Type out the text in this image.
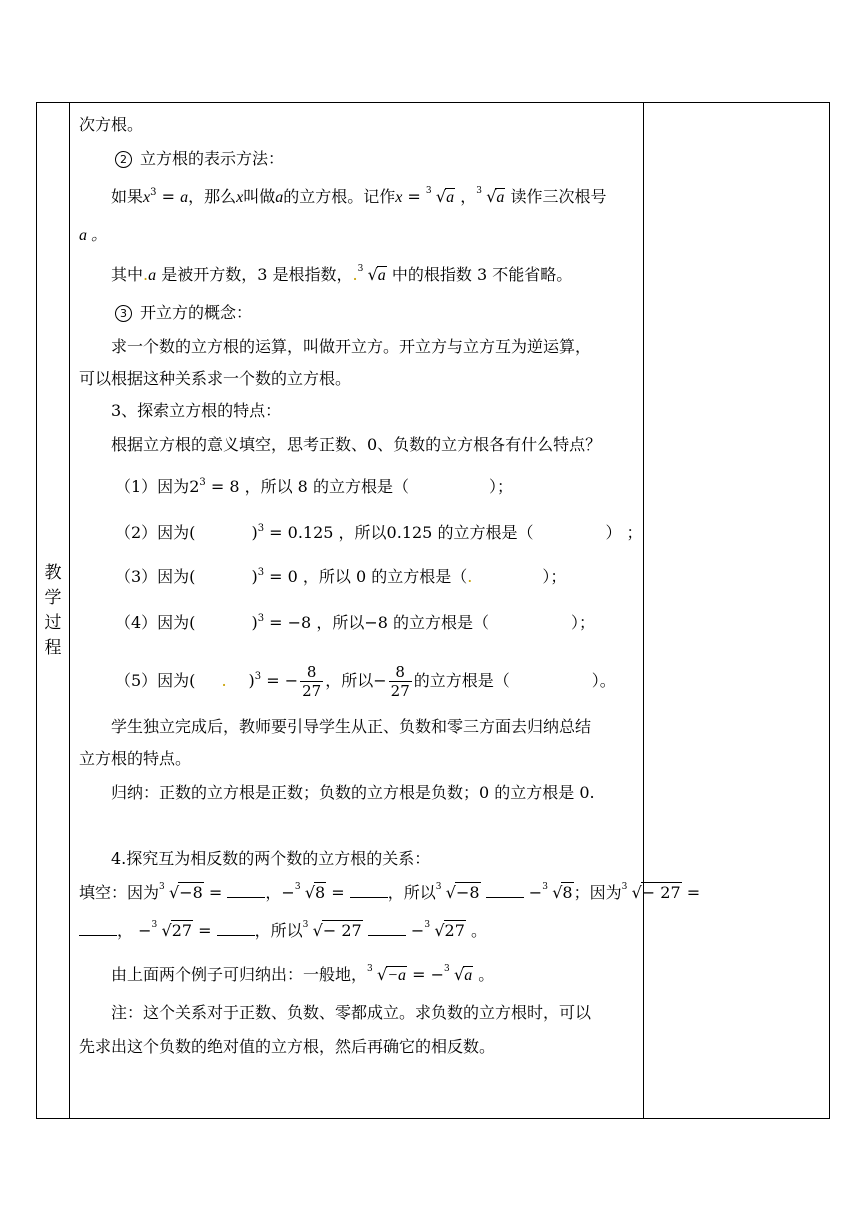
教
学
过
程
次方根。
2 立方根的表示方法：
如果$x^3 = a$，那么x叫做a的立方根。记作x = 3 √a ， 3 √a 读作三次根号
a 。
其中.a 是被开方数，3 是根指数，. 3 √a 中的根指数 3 不能省略。
3 开立方的概念：
求一个数的立方根的运算，叫做开立方。开立方与立方互为逆运算，
可以根据这种关系求一个数的立方根。
3、探索立方根的特点：
根据立方根的意义填空，思考正数、0、负数的立方根各有什么特点？
（1）因为$2^3 = 8$ ，所以 8 的立方根是（	）；
（2）因为(	)$^3$ = 0.125 ，所以0.125 的立方根是（	） ；
（3）因为(	)$^3$ = 0 ，所以 0 的立方根是（.	）；
（4）因为(	)$^3$ = −8 ，所以−8 的立方根是（	）；
（5）因为( . )$^3$ = − $\frac{8}{27}$ ，所以− $\frac{8}{27}$ 的立方根是（	）。
学生独立完成后，教师要引导学生从正、负数和零三方面去归纳总结
立方根的特点。
归纳：正数的立方根是正数；负数的立方根是负数；0 的立方根是 0.
4.探究互为相反数的两个数的立方根的关系：
填空：因为 3 √−8 = ，− 3 √8 = ，所以 3 √−8	− 3 √8；因为 3 √− 27 =
， − 3 √27 = ，所以 3 √− 27	− 3 √27 。
由上面两个例子可归纳出：一般地， 3 √−a = − 3 √a 。
注：这个关系对于正数、负数、零都成立。求负数的立方根时，可以
先求出这个负数的绝对值的立方根，然后再确它的相反数。
